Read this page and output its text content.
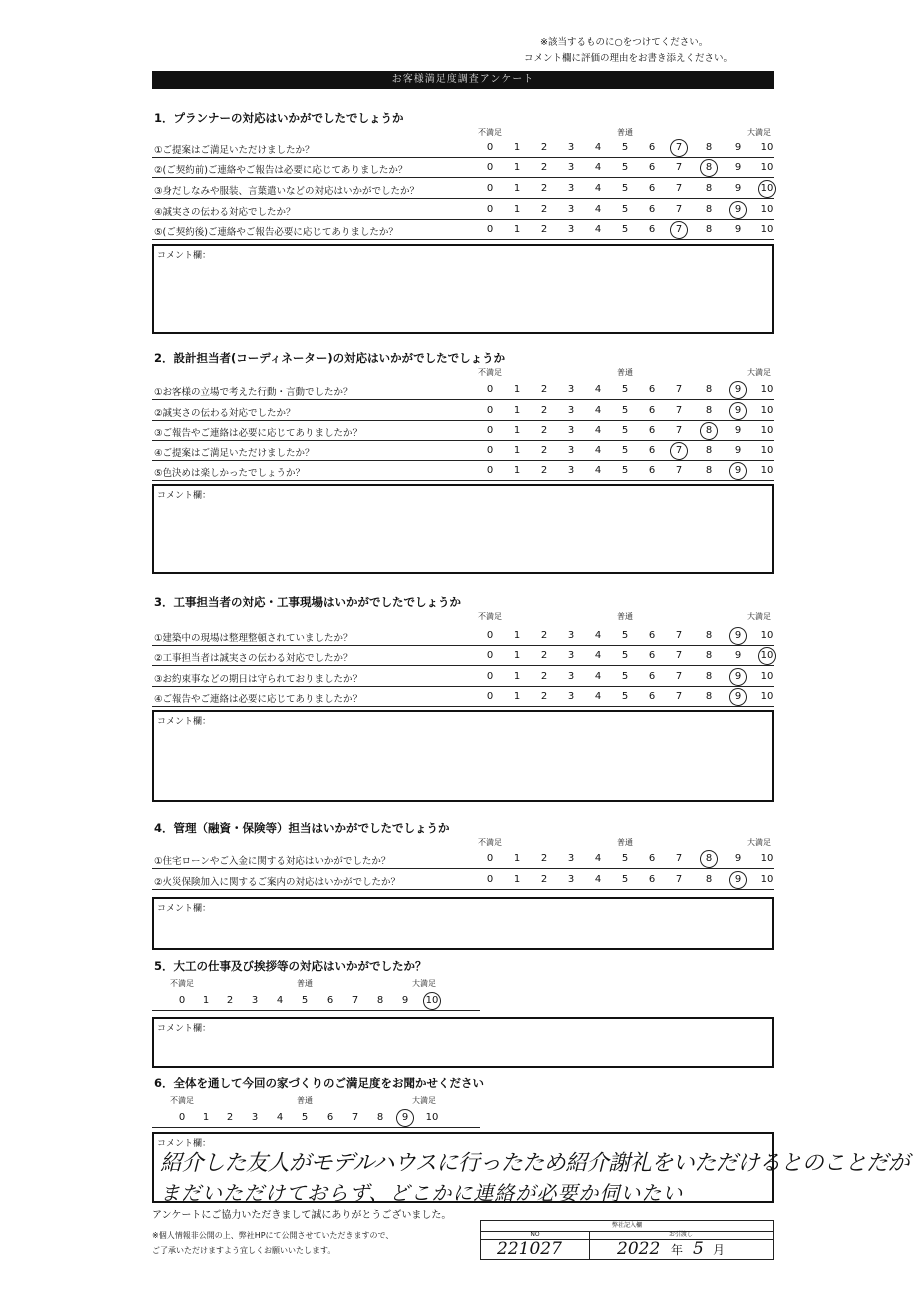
※該当するものに○をつけてください。
コメント欄に評価の理由をお書き添えください。
お客様満足度調査アンケート
1．プランナーの対応はいかがでしたでしょうか
不満足	普通	大満足
①ご提案はご満足いただけましたか？	0	1	2	3	4	5	6	7	8	9	10
②(ご契約前)ご連絡やご報告は必要に応じてありましたか？	0	1	2	3	4	5	6	7	8	9	10
③身だしなみや服装、言葉遣いなどの対応はいかがでしたか？	0	1	2	3	4	5	6	7	8	9	10
④誠実さの伝わる対応でしたか？	0	1	2	3	4	5	6	7	8	9	10
⑤(ご契約後)ご連絡やご報告必要に応じてありましたか？	0	1	2	3	4	5	6	7	8	9	10
コメント欄：
2．設計担当者(コーディネーター)の対応はいかがでしたでしょうか
不満足	普通	大満足
①お客様の立場で考えた行動・言動でしたか？	0	1	2	3	4	5	6	7	8	9	10
②誠実さの伝わる対応でしたか？	0	1	2	3	4	5	6	7	8	9	10
③ご報告やご連絡は必要に応じてありましたか？	0	1	2	3	4	5	6	7	8	9	10
④ご提案はご満足いただけましたか？	0	1	2	3	4	5	6	7	8	9	10
⑤色決めは楽しかったでしょうか？	0	1	2	3	4	5	6	7	8	9	10
コメント欄：
3．工事担当者の対応・工事現場はいかがでしたでしょうか
不満足	普通	大満足
①建築中の現場は整理整頓されていましたか？	0	1	2	3	4	5	6	7	8	9	10
②工事担当者は誠実さの伝わる対応でしたか？	0	1	2	3	4	5	6	7	8	9	10
③お約束事などの期日は守られておりましたか？	0	1	2	3	4	5	6	7	8	9	10
④ご報告やご連絡は必要に応じてありましたか？	0	1	2	3	4	5	6	7	8	9	10
コメント欄：
4．管理（融資・保険等）担当はいかがでしたでしょうか
不満足	普通	大満足
①住宅ローンやご入金に関する対応はいかがでしたか？	0	1	2	3	4	5	6	7	8	9	10
②火災保険加入に関するご案内の対応はいかがでしたか？	0	1	2	3	4	5	6	7	8	9	10
コメント欄：
5．大工の仕事及び挨拶等の対応はいかがでしたか？
不満足	普通	大満足
0	1	2	3	4	5	6	7	8	9	10
コメント欄：
6．全体を通して今回の家づくりのご満足度をお聞かせください
不満足	普通	大満足
0	1	2	3	4	5	6	7	8	9	10
コメント欄：
紹介した友人がモデルハウスに行ったため紹介謝礼をいただけるとのことだが
まだいただけておらず、どこかに連絡が必要か伺いたい
アンケートにご協力いただきまして誠にありがとうございました。
※個人情報非公開の上、弊社HPにて公開させていただきますので、
ご了承いただけますよう宜しくお願いいたします。
弊社記入欄
NO	お引渡し
221027	2022 年 5 月
